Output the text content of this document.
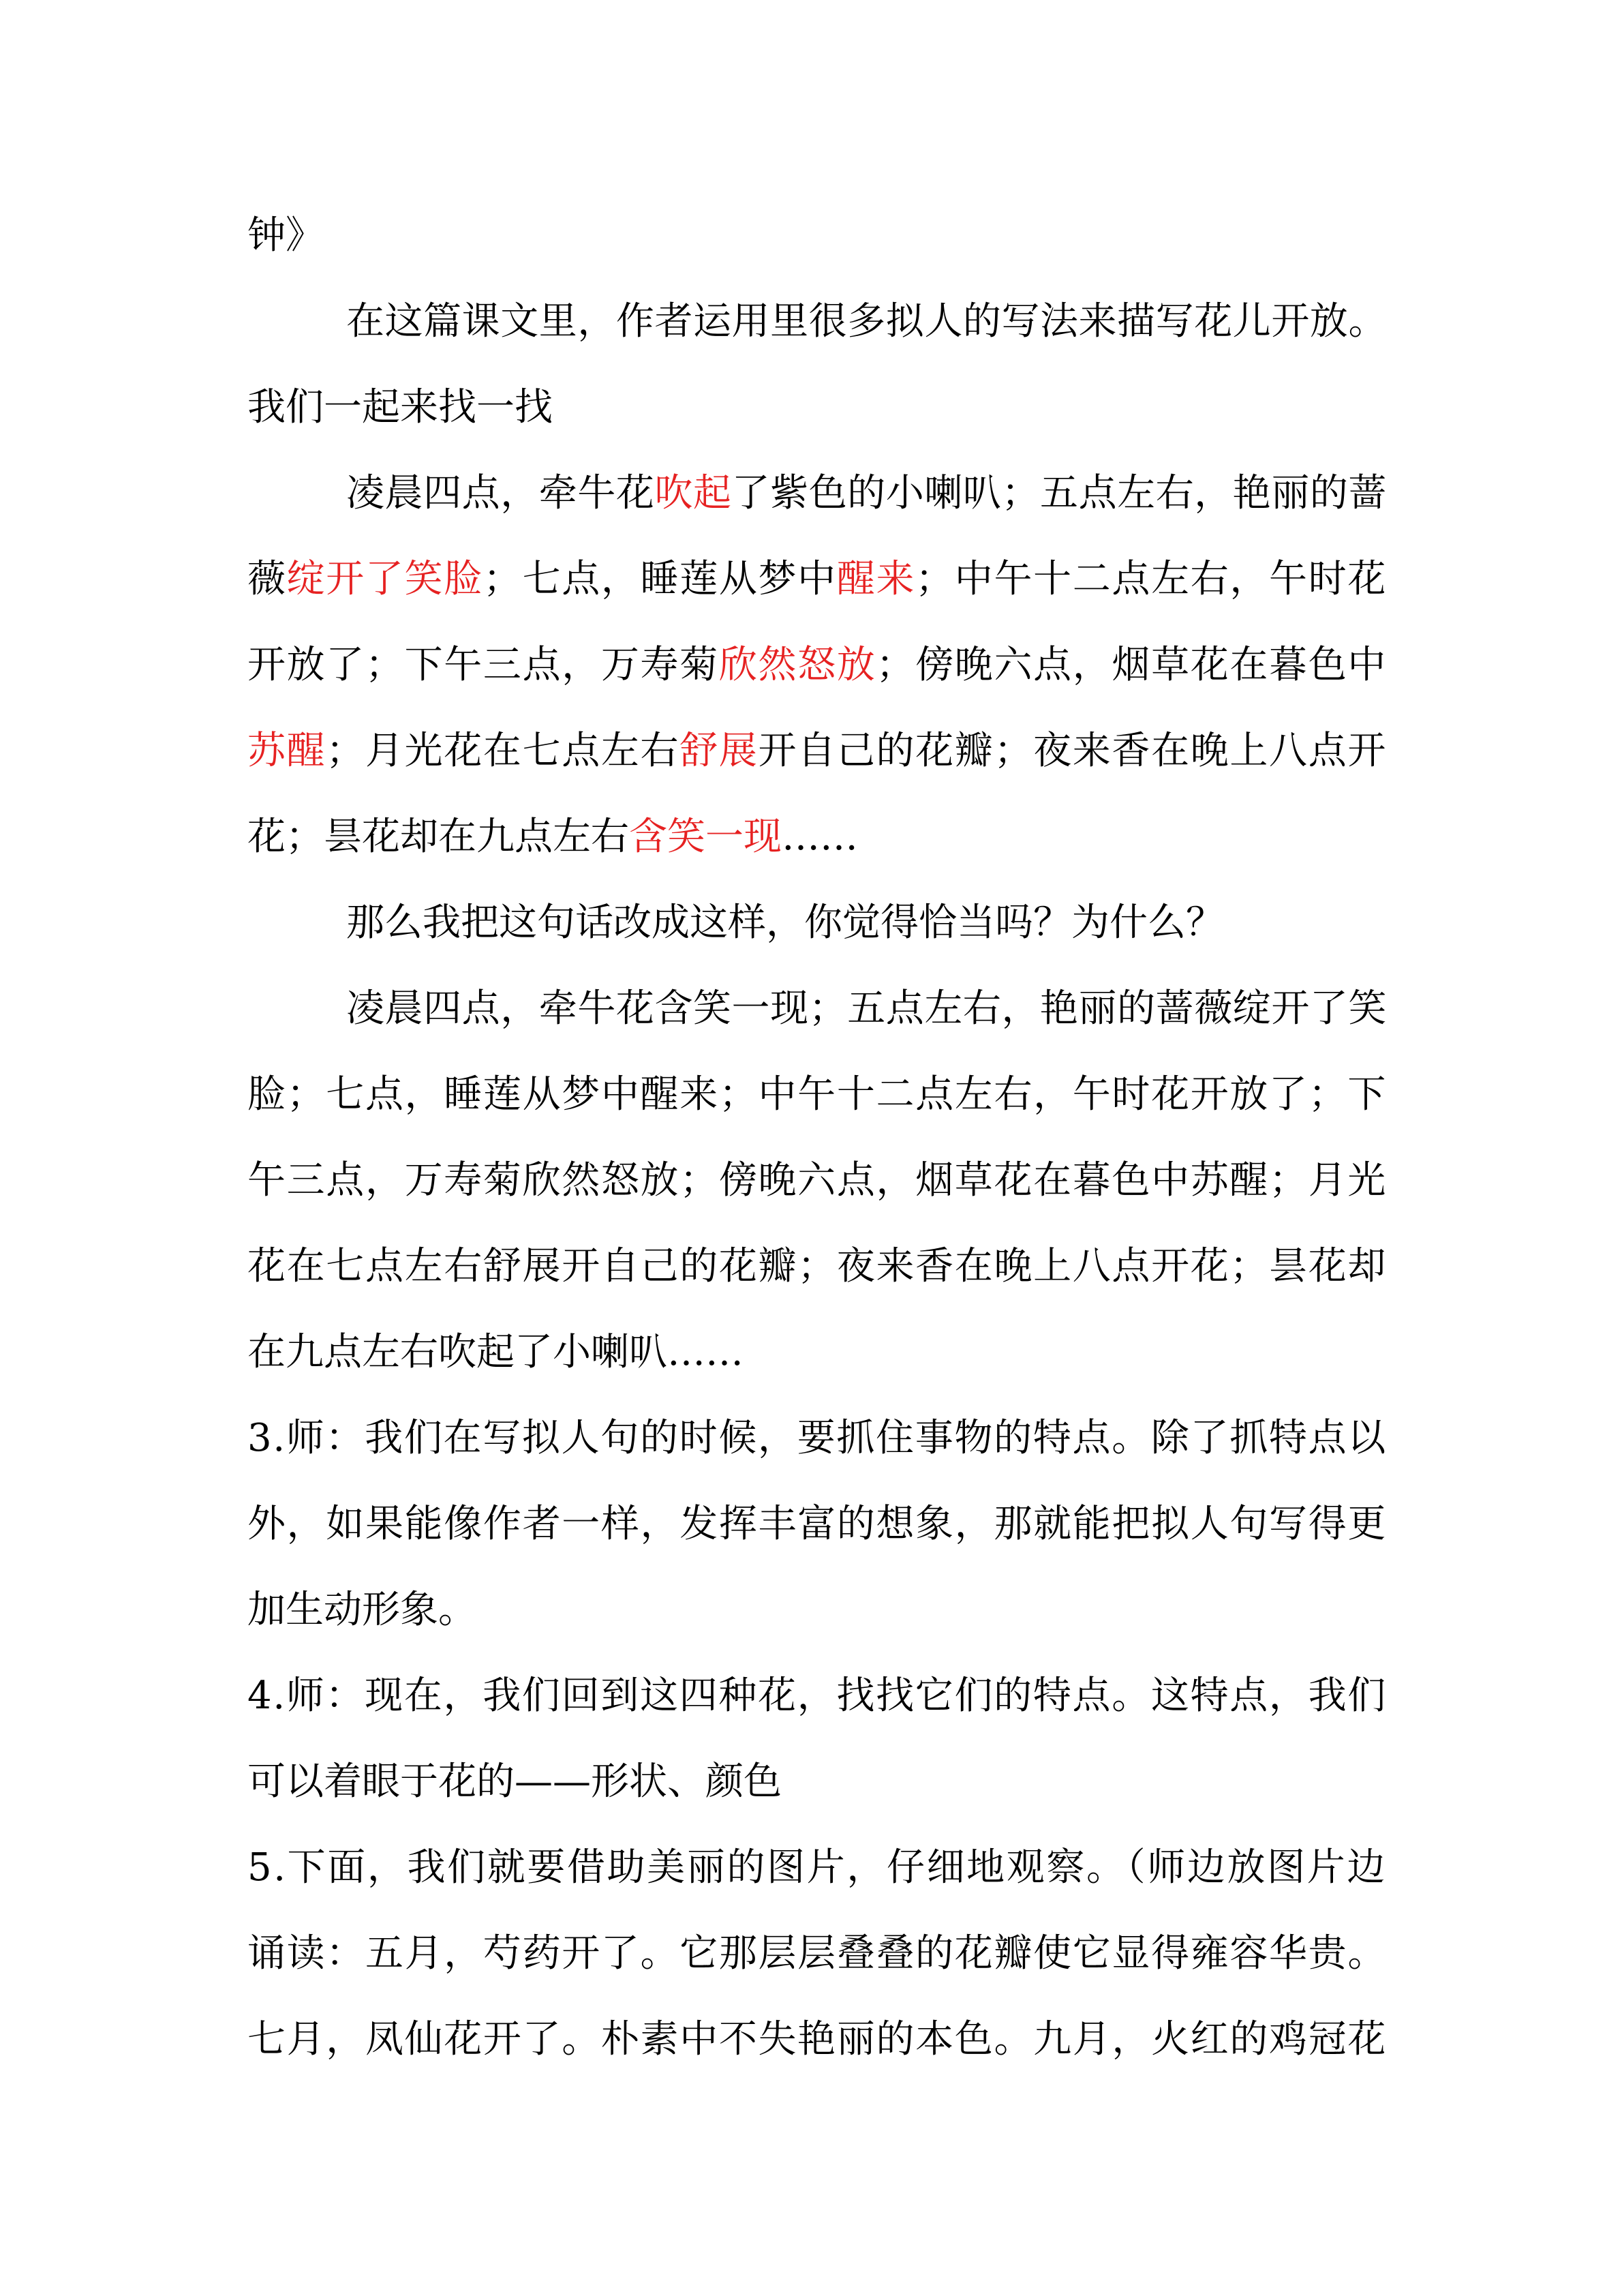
钟》
在这篇课文里，作者运用里很多拟人的写法来描写花儿开放。
我们一起来找一找
凌晨四点，牵牛花吹起了紫色的小喇叭；五点左右，艳丽的蔷
薇绽开了笑脸；七点，睡莲从梦中醒来；中午十二点左右，午时花
开放了；下午三点，万寿菊欣然怒放；傍晚六点，烟草花在暮色中
苏醒；月光花在七点左右舒展开自己的花瓣；夜来香在晚上八点开
花；昙花却在九点左右含笑一现……
那么我把这句话改成这样，你觉得恰当吗？为什么？
凌晨四点，牵牛花含笑一现；五点左右，艳丽的蔷薇绽开了笑
脸；七点，睡莲从梦中醒来；中午十二点左右，午时花开放了；下
午三点，万寿菊欣然怒放；傍晚六点，烟草花在暮色中苏醒；月光
花在七点左右舒展开自己的花瓣；夜来香在晚上八点开花；昙花却
在九点左右吹起了小喇叭……
3.师：我们在写拟人句的时候，要抓住事物的特点。除了抓特点以
外，如果能像作者一样，发挥丰富的想象，那就能把拟人句写得更
加生动形象。
4.师：现在，我们回到这四种花，找找它们的特点。这特点，我们
可以着眼于花的——形状、颜色
5.下面，我们就要借助美丽的图片，仔细地观察。（师边放图片边
诵读：五月，芍药开了。它那层层叠叠的花瓣使它显得雍容华贵。
七月，凤仙花开了。朴素中不失艳丽的本色。九月，火红的鸡冠花
